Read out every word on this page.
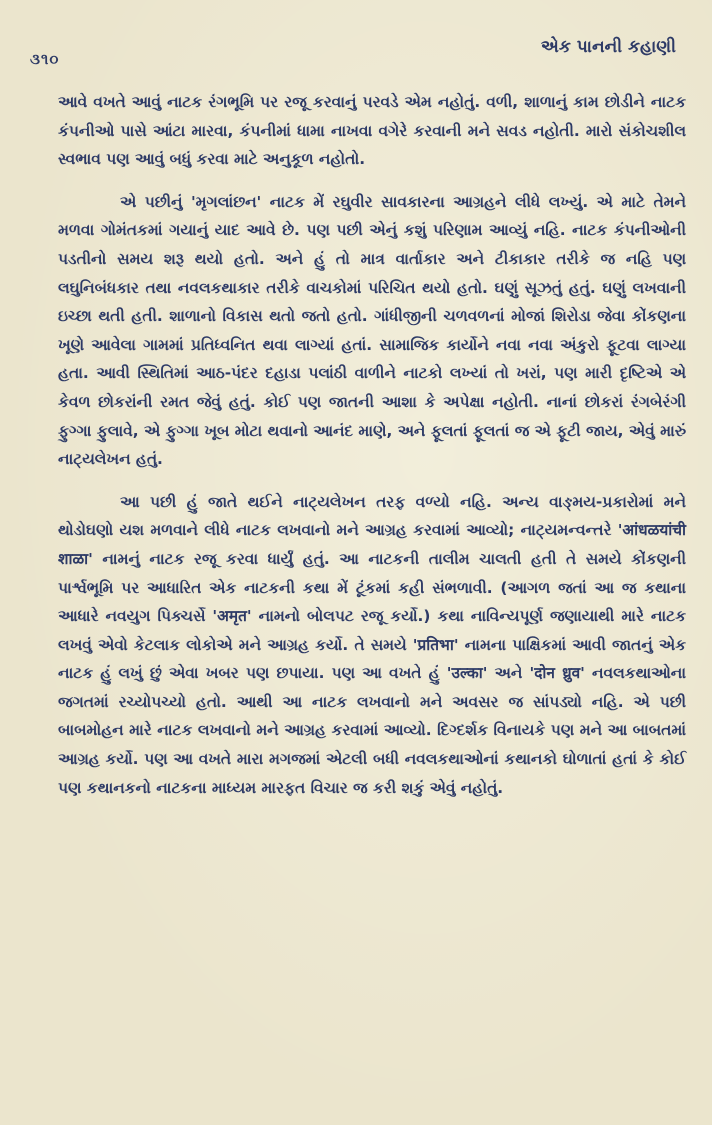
૩૧૦
એક પાનની કહાણી

આવે વખતે આવું નાટક રંગભૂમિ પર રજૂ કરવાનું પરવડે એમ નહોતું. વળી, શાળાનું કામ છોડીને નાટક કંપનીઓ પાસે આંટા મારવા, કંપનીમાં ધામા નાખવા વગેરે કરવાની મને સવડ નહોતી. મારો સંકોચશીલ સ્વભાવ પણ આવું બધું કરવા માટે અનુકૂળ નહોતો.

એ પછીનું 'મૃગલાંછન' નાટક મેં રઘુવીર સાવકારના આગ્રહને લીધે લખ્યું. એ માટે તેમને મળવા ગોમંતકમાં ગયાનું યાદ આવે છે. પણ પછી એનું કશું પરિણામ આવ્યું નહિ. નાટક કંપનીઓની પડતીનો સમય શરૂ થયો હતો. અને હું તો માત્ર વાર્તાકાર અને ટીકાકાર તરીકે જ નહિ પણ લઘુનિબંધકાર તથા નવલકથાકાર તરીકે વાચકોમાં પરિચિત થયો હતો. ઘણું સૂઝતું હતું. ઘણું લખવાની ઇચ્છા થતી હતી. શાળાનો વિકાસ થતો જતો હતો. ગાંધીજીની ચળવળનાં મોજાં શિરોડા જેવા કોંકણના ખૂણે આવેલા ગામમાં પ્રતિધ્વનિત થવા લાગ્યાં હતાં. સામાજિક કાર્યોને નવા નવા અંકુરો ફૂટવા લાગ્યા હતા. આવી સ્થિતિમાં આઠ-પંદર દહાડા પલાંઠી વાળીને નાટકો લખ્યાં તો ખરાં, પણ મારી દૃષ્ટિએ એ કેવળ છોકરાંની રમત જેવું હતું. કોઈ પણ જાતની આશા કે અપેક્ષા નહોતી. નાનાં છોકરાં રંગબેરંગી ફુગ્ગા ફુલાવે, એ ફુગ્ગા ખૂબ મોટા થવાનો આનંદ માણે, અને ફૂલતાં ફૂલતાં જ એ ફૂટી જાય, એવું મારું નાટ્યલેખન હતું.

આ પછી હું જાતે થઈને નાટ્યલેખન તરફ વળ્યો નહિ. અન્ય વાઙ્મય-પ્રકારોમાં મને થોડોઘણો યશ મળવાને લીધે નાટક લખવાનો મને આગ્રહ કરવામાં આવ્યો; નાટ્યમન્વન્તરે 'आंधळयांची शाळा' નામનું નાટક રજૂ કરવા ધાર્યું હતું. આ નાટકની તાલીમ ચાલતી હતી તે સમયે કોંકણની પાર્શ્વભૂમિ પર આધારિત એક નાટકની કથા મેં ટૂંકમાં કહી સંભળાવી. (આગળ જતાં આ જ કથાના આધારે નવયુગ પિક્ચર્સે 'अमृत' નામનો બોલપટ રજૂ કર્યો.) કથા નાવિન્યપૂર્ણ જણાયાથી મારે નાટક લખવું એવો કેટલાક લોકોએ મને આગ્રહ કર્યો. તે સમયે 'प्रतिभा' નામના પાક્ષિકમાં આવી જાતનું એક નાટક હું લખું છું એવા ખબર પણ છપાયા. પણ આ વખતે હું 'उल्का' અને 'दोन ध्रुव' નવલકથાઓના જગતમાં રચ્યોપચ્યો હતો. આથી આ નાટક લખવાનો મને અવસર જ સાંપડ્યો નહિ. એ પછી બાબમોહન મારે નાટક લખવાનો મને આગ્રહ કરવામાં આવ્યો. દિગ્દર્શક વિનાયકે પણ મને આ બાબતમાં આગ્રહ કર્યો. પણ આ વખતે મારા મગજમાં એટલી બધી નવલકથાઓનાં કથાનકો ઘોળાતાં હતાં કે કોઈ પણ કથાનકનો નાટકના માધ્યમ મારફત વિચાર જ કરી શકું એવું નહોતું.
